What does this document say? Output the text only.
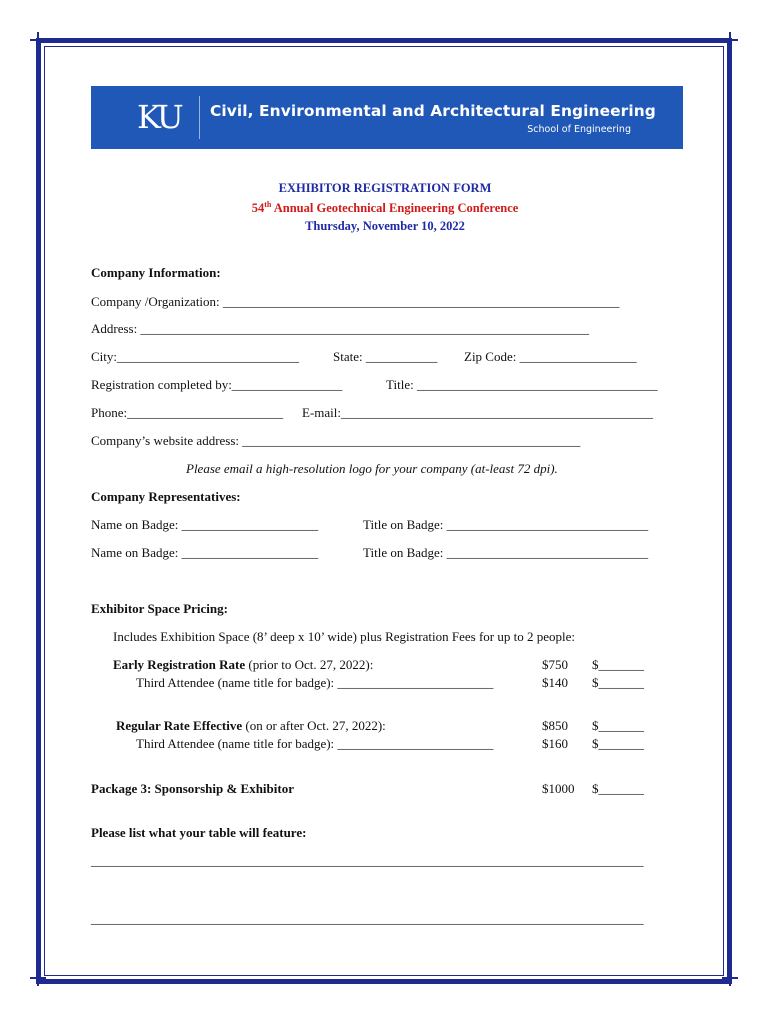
KU Civil, Environmental and Architectural Engineering
School of Engineering
EXHIBITOR REGISTRATION FORM
54th Annual Geotechnical Engineering Conference
Thursday, November 10, 2022
Company Information:
Company /Organization: _____________________________________________________________
Address: _____________________________________________________________________
City:____________________________	State: ___________ Zip Code: __________________
Registration completed by:_________________	Title: _____________________________________
Phone:________________________ E-mail:________________________________________________
Company’s website address: ____________________________________________________
Please email a high-resolution logo for your company (at-least 72 dpi).
Company Representatives:
Name on Badge: _____________________	Title on Badge: _______________________________
Name on Badge: _____________________	Title on Badge: _______________________________
Exhibitor Space Pricing:
Includes Exhibition Space (8’ deep x 10’ wide) plus Registration Fees for up to 2 people:
Early Registration Rate (prior to Oct. 27, 2022):	$750 $_______
Third Attendee (name title for badge): ________________________	$140 $_______
Regular Rate Effective (on or after Oct. 27, 2022):	$850 $_______
Third Attendee (name title for badge): ________________________	$160 $_______
Package 3: Sponsorship & Exhibitor	$1000 $_______
Please list what your table will feature:
_____________________________________________________________________________________
_____________________________________________________________________________________
